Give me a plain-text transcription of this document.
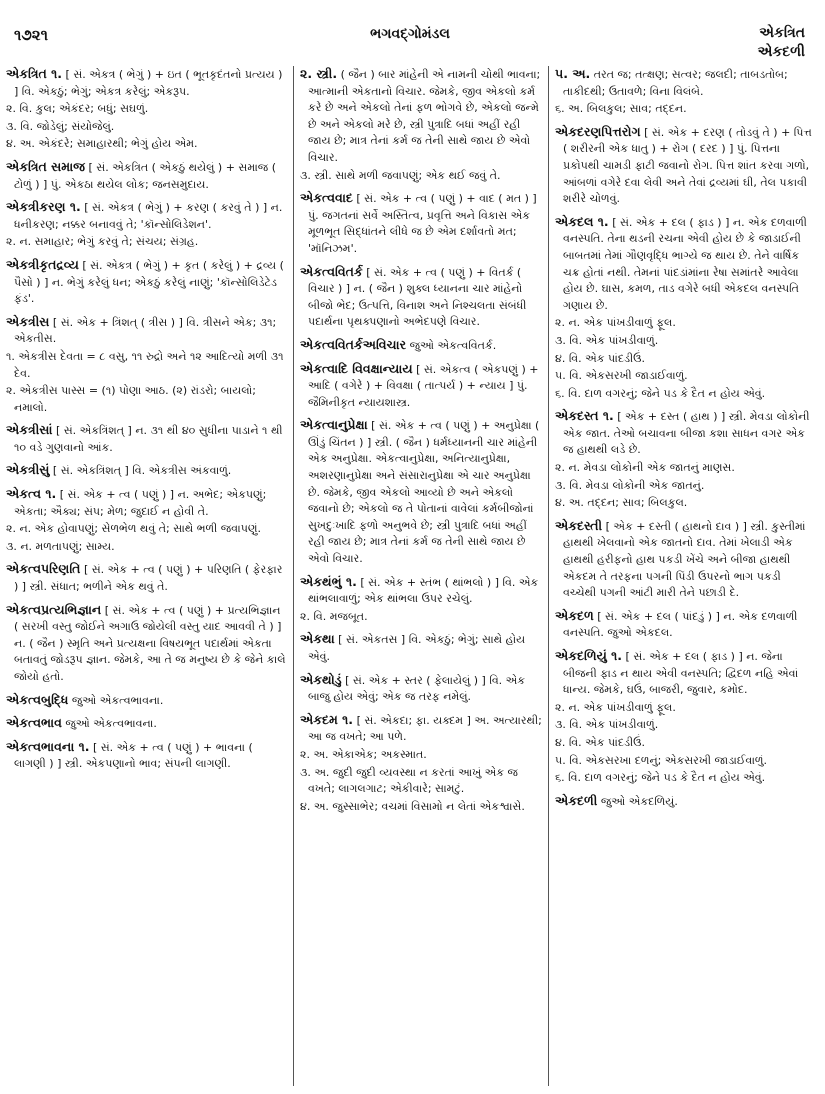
૧૭૨૧	ભગવદ્ગોમંડલ	એકત્રિત
એકદળી
એકત્રિત ૧. [ સં. એકત્ર ( ભેગું ) + ઇત ( ભૂતકૃદંતનો પ્રત્યય ) ] વિ. એકઠું; ભેગું; એકત્ર કરેલું; એકરૂપ.
૨. વિ. કુલ; એકંદર; બધું; સઘળું.
૩. વિ. જોડેલું; સંયોજેલું.
૪. અ. એકંદરે; સમાહારથી; ભેગું હોય એમ.
એકત્રિત સમાજ [ સં. એકત્રિત ( એકઠું થયેલું ) + સમાજ ( ટોળું ) ] પું. એકઠા થયેલ લોક; જનસમુદાય.
એકત્રીકરણ ૧. [ સં. એકત્ર ( ભેગું ) + કરણ ( કરવું તે ) ] ન. ધનીકરણ; નક્કર બનાવવું તે; 'કૉન્સોલિડેશન'.
૨. ન. સમાહાર; ભેગું કરવું તે; સંચય; સંગ્રહ.
એકત્રીકૃતદ્રવ્ય [ સં. એકત્ર ( ભેગું ) + કૃત ( કરેલું ) + દ્રવ્ય ( પૈસો ) ] ન. ભેગું કરેલું ધન; એકઠું કરેલું નાણું; 'કૉન્સોલિડેટેડ ફંડ'.
એકત્રીસ [ સં. એક + ત્રિંશત્ ( ત્રીસ ) ] વિ. ત્રીસને એક; ૩૧; એકતીસ.
૧. એકત્રીસ દેવતા = ૮ વસુ, ૧૧ રુદ્રો અને ૧૨ આદિત્યો મળી ૩૧ દેવ.
૨. એકત્રીસ પાસ્સ = (૧) પોણા આઠ. (૨) રાંડરો; બાયલો; નમાલો.
એકત્રીસાં [ સં. એકત્રિંશત્ ] ન. ૩૧ થી ૪૦ સુધીના પાડાને ૧ થી ૧૦ વડે ગુણવાનો આંક.
એકત્રીસું [ સં. એકત્રિંશત્ ] વિ. એકત્રીસ અંકવાળું.
એકત્વ ૧. [ સં. એક + ત્વ ( પણું ) ] ન. અભેદ; એકપણું; એકતા; ઐક્ય; સંપ; મેળ; જુદાઈ ન હોવી તે.
૨. ન. એક હોવાપણું; સેળભેળ થવું તે; સાથે ભળી જવાપણું.
૩. ન. મળતાપણું; સામ્ય.
એકત્વપરિણતિ [ સં. એક + ત્વ ( પણું ) + પરિણતિ ( ફેરફાર ) ] સ્ત્રી. સંધાત; ભળીને એક થવું તે.
એકત્વપ્રત્યભિજ્ઞાન [ સં. એક + ત્વ ( પણું ) + પ્રત્યભિજ્ઞાન ( સરખી વસ્તુ જોઈને અગાઉ જોયેલી વસ્તુ યાદ આવવી તે ) ] ન. ( જૈન ) સ્મૃતિ અને પ્રત્યક્ષના વિષયભૂત પદાર્થમાં એકતા બતાવતું જોડરૂપ જ્ઞાન. જેમકે, આ તે જ મનુષ્ય છે કે જેને કાલે જોયો હતો.
એકત્વબુદ્ધિ જુઓ એકત્વભાવના.
એકત્વભાવ જુઓ એકત્વભાવના.
એકત્વભાવના ૧. [ સં. એક + ત્વ ( પણું ) + ભાવના ( લાગણી ) ] સ્ત્રી. એકપણાનો ભાવ; સંપની લાગણી.
૨. સ્ત્રી. ( જૈન ) બાર માંહેની એ નામની ચોથી ભાવના; આત્માની એકતાનો વિચાર. જેમકે, જીવ એકલો કર્મ કરે છે અને એકલો તેનાં ફળ ભોગવે છે, એકલો જન્મે છે અને એકલો મરે છે, સ્ત્રી પુત્રાદિ બધાં અહીં રહી જાય છે; માત્ર તેનાં કર્મ જ તેની સાથે જાય છે એવો વિચાર.
૩. સ્ત્રી. સાથે મળી જવાપણું; એક થઈ જવું તે.
એકત્વવાદ [ સં. એક + ત્વ ( પણું ) + વાદ ( મત ) ] પું. જગતનાં સર્વે અસ્તિત્વ, પ્રવૃત્તિ અને વિકાસ એક મૂળભૂત સિદ્ધાંતને લીધે જ છે એમ દર્શાવતો મત; 'મૉનિઝમ'.
એકત્વવિતર્ક [ સં. એક + ત્વ ( પણું ) + વિતર્ક ( વિચાર ) ] ન. ( જૈન ) શુક્લ ધ્યાનના ચાર માંહેનો બીજો ભેદ; ઉત્પત્તિ, વિનાશ અને નિશ્ચલતા સંબંધી પદાર્થના પૃથક્પણાનો અભેદપણે વિચાર.
એકત્વવિતર્કઅવિચાર જુઓ એકત્વવિતર્ક.
એકત્વાદિ વિવક્ષાન્યાય [ સં. એકત્વ ( એકપણું ) + આદિ ( વગેરે ) + વિવક્ષા ( તાત્પર્ય ) + ન્યાય ] પું. જૈમિનીકૃત ન્યાયશાસ્ત્ર.
એકત્વાનુપ્રેક્ષા [ સં. એક + ત્વ ( પણું ) + અનુપ્રેક્ષા ( ઊંડું ચિંતન ) ] સ્ત્રી. ( જૈન ) ધર્મધ્યાનની ચાર માંહેની એક અનુપ્રેક્ષા. એકત્વાનુપ્રેક્ષા, અનિત્યાનુપ્રેક્ષા, અશરણાનુપ્રેક્ષા અને સંસારાનુપ્રેક્ષા એ ચાર અનુપ્રેક્ષા છે. જેમકે, જીવ એકલો આવ્યો છે અને એકલો જવાનો છે; એકલો જ તે પોતાનાં વાવેલાં કર્મબીજોનાં સુખદુઃખાદિ ફળો અનુભવે છે; સ્ત્રી પુત્રાદિ બધાં અહીં રહી જાય છે; માત્ર તેનાં કર્મ જ તેની સાથે જાય છે એવો વિચાર.
એકથંભું ૧. [ સં. એક + સ્તંભ ( થાંભલો ) ] વિ. એક થાંભલાવાળું; એક થાંભલા ઉપર રચેલું.
૨. વિ. મજબૂત.
એકથા [ સં. એકતસ ] વિ. એકઠું; ભેગું; સાથે હોય એવું.
એકથોડું [ સં. એક + સ્તર ( ફેલાયેલું ) ] વિ. એક બાજુ હોય એવું; એક જ તરફ નમેલું.
એકદમ ૧. [ સં. એકદા; ફા. યક્દમ ] અ. અત્યારથી; આ જ વખતે; આ પળે.
૨. અ. એકાએક; અકસ્માત.
૩. અ. જુદી જુદી વ્યવસ્થા ન કરતાં આખું એક જ વખતે; લાગલગાટ; એકીવારે; સામટું.
૪. અ. જુસ્સાભેર; વચમાં વિસામો ન લેતાં એકશ્વાસે.
૫. અ. તરત જ; તત્ક્ષણ; સત્વર; જલદી; તાબડતોબ; તાકીદથી; ઉતાવળે; વિના વિલંબે.
૬. અ. બિલકુલ; સાવ; તદ્દન.
એકદરણપિત્તરોગ [ સં. એક + દરણ ( તોડવું તે ) + પિત્ત ( શરીરની એક ધાતુ ) + રોગ ( દરદ ) ] પું. પિત્તના પ્રકોપથી ચામડી ફાટી જવાનો રોગ. પિત્ત શાંત કરવા ગળો, આંબળાં વગેરે દવા લેવી અને તેવાં દ્રવ્યમાં ઘી, તેલ પકાવી શરીરે ચોળવું.
એકદલ ૧. [ સં. એક + દલ ( ફાડ ) ] ન. એક દળવાળી વનસ્પતિ. તેના થડની રચના એવી હોય છે કે જાડાઈની બાબતમાં તેમાં ગૌણવૃદ્ધિ ભાગ્યે જ થાય છે. તેને વાર્ષિક ચક્ર હોતાં નથી. તેમનાં પાંદડાંમાંના રેષા સમાંતરે આવેલા હોય છે. ઘાસ, કમળ, તાડ વગેરે બધી એકદલ વનસ્પતિ ગણાય છે.
૨. ન. એક પાંખડીવાળું ફૂલ.
૩. વિ. એક પાંખડીવાળું.
૪. વિ. એક પાંદડીઉં.
૫. વિ. એકસરખી જાડાઈવાળું.
૬. વિ. દાળ વગરનું; જેને ૫ડ કે દૈત ન હોય એવું.
એકદસ્ત ૧. [ એક + દસ્ત ( હાથ ) ] સ્ત્રી. મેવડા લોકોની એક જાત. તેઓ બચાવના બીજા કશા સાધન વગર એક જ હાથથી લડે છે.
૨. ન. મેવડા લોકોની એક જાતનું માણસ.
૩. વિ. મેવડા લોકોની એક જાતનું.
૪. અ. તદ્દન; સાવ; બિલકુલ.
એકદસ્તી [ એક + દસ્તી ( હાથનો દાવ ) ] સ્ત્રી. કુસ્તીમાં હાથથી ખેલવાનો એક જાતનો દાવ. તેમાં ખેલાડી એક હાથથી હરીફનો હાથ પકડી ખેંચે અને બીજા હાથથી એકદમ તે તરફના પગની પિંડી ઉપરનો ભાગ પકડી વચ્ચેથી પગની આંટી મારી તેને પછાડી દે.
એકદળ [ સં. એક + દલ ( પાંદડું ) ] ન. એક દળવાળી વનસ્પતિ. જુઓ એકદલ.
એકદળિયું ૧. [ સં. એક + દલ ( ફાડ ) ] ન. જેના બીજની ફાડ ન થાય એવી વનસ્પતિ; દ્વિદળ નહિ એવાં ધાન્ય. જેમકે, ઘઉં, બાજરી, જુવાર, કમોદ.
૨. ન. એક પાંખડીવાળું ફૂલ.
૩. વિ. એક પાંખડીવાળું.
૪. વિ. એક પાંદડીઉં.
૫. વિ. એકસરખા દળનું; એકસરખી જાડાઈવાળું.
૬. વિ. દાળ વગરનું; જેને ૫ડ કે દૈત ન હોય એવું.
એકદળી જુઓ એકદળિયું.
